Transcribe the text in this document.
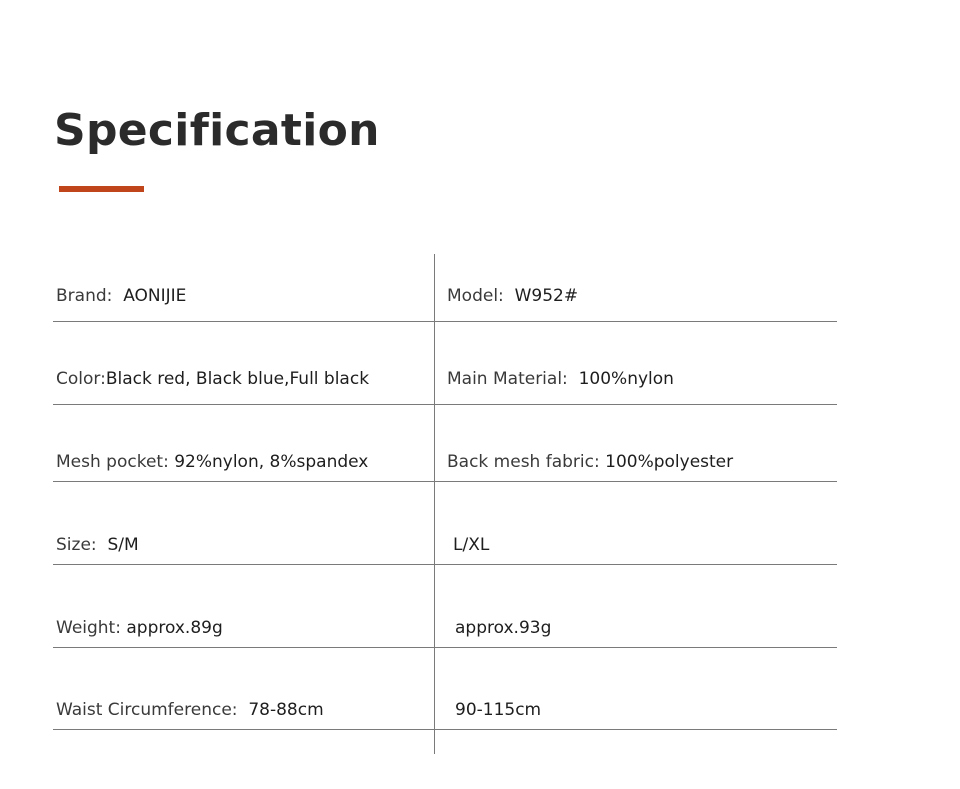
Specification
Brand: AONIJIE	Model: W952#
Color:Black red, Black blue,Full black	Main Material: 100%nylon
Mesh pocket: 92%nylon, 8%spandex	Back mesh fabric: 100%polyester
Size: S/M	L/XL
Weight: approx.89g	approx.93g
Waist Circumference: 78-88cm	90-115cm
